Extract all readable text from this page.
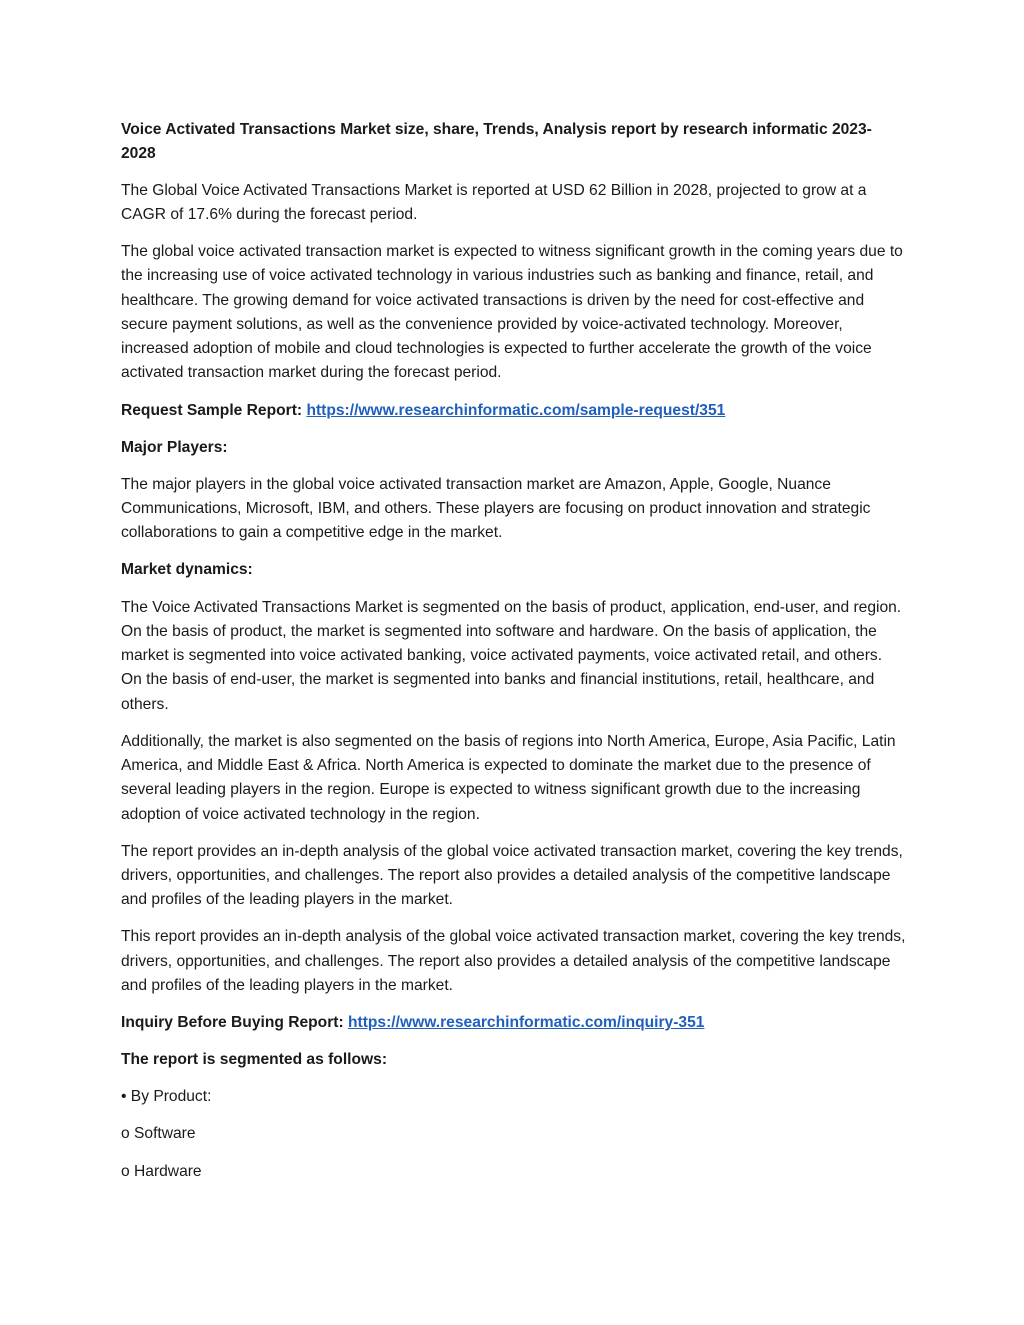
Voice Activated Transactions Market size, share, Trends, Analysis report by research informatic 2023-2028

The Global Voice Activated Transactions Market is reported at USD 62 Billion in 2028, projected to grow at a CAGR of 17.6% during the forecast period.

The global voice activated transaction market is expected to witness significant growth in the coming years due to the increasing use of voice activated technology in various industries such as banking and finance, retail, and healthcare. The growing demand for voice activated transactions is driven by the need for cost-effective and secure payment solutions, as well as the convenience provided by voice-activated technology. Moreover, increased adoption of mobile and cloud technologies is expected to further accelerate the growth of the voice activated transaction market during the forecast period.

Request Sample Report: https://www.researchinformatic.com/sample-request/351

Major Players:

The major players in the global voice activated transaction market are Amazon, Apple, Google, Nuance Communications, Microsoft, IBM, and others. These players are focusing on product innovation and strategic collaborations to gain a competitive edge in the market.

Market dynamics:

The Voice Activated Transactions Market is segmented on the basis of product, application, end-user, and region. On the basis of product, the market is segmented into software and hardware. On the basis of application, the market is segmented into voice activated banking, voice activated payments, voice activated retail, and others. On the basis of end-user, the market is segmented into banks and financial institutions, retail, healthcare, and others.

Additionally, the market is also segmented on the basis of regions into North America, Europe, Asia Pacific, Latin America, and Middle East & Africa. North America is expected to dominate the market due to the presence of several leading players in the region. Europe is expected to witness significant growth due to the increasing adoption of voice activated technology in the region.

The report provides an in-depth analysis of the global voice activated transaction market, covering the key trends, drivers, opportunities, and challenges. The report also provides a detailed analysis of the competitive landscape and profiles of the leading players in the market.

This report provides an in-depth analysis of the global voice activated transaction market, covering the key trends, drivers, opportunities, and challenges. The report also provides a detailed analysis of the competitive landscape and profiles of the leading players in the market.

Inquiry Before Buying Report: https://www.researchinformatic.com/inquiry-351

The report is segmented as follows:

• By Product:

o Software

o Hardware
